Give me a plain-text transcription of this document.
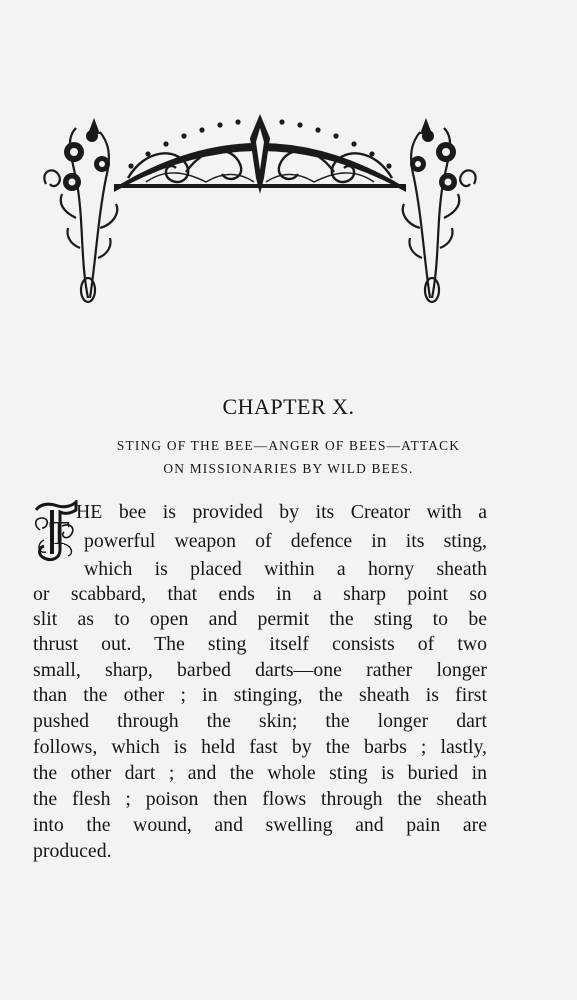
CHAPTER X.
STING OF THE BEE—ANGER OF BEES—ATTACK
ON MISSIONARIES BY WILD BEES.
T
HE bee is provided by its Creator with a
powerful weapon of defence in its sting,
which is placed within a horny sheath
or scabbard, that ends in a sharp point so
slit as to open and permit the sting to be
thrust out. The sting itself consists of two
small, sharp, barbed darts—one rather longer
than the other ; in stinging, the sheath is first
pushed through the skin; the longer dart
follows, which is held fast by the barbs ; lastly,
the other dart ; and the whole sting is buried in
the flesh ; poison then flows through the sheath
into the wound, and swelling and pain are
produced.
